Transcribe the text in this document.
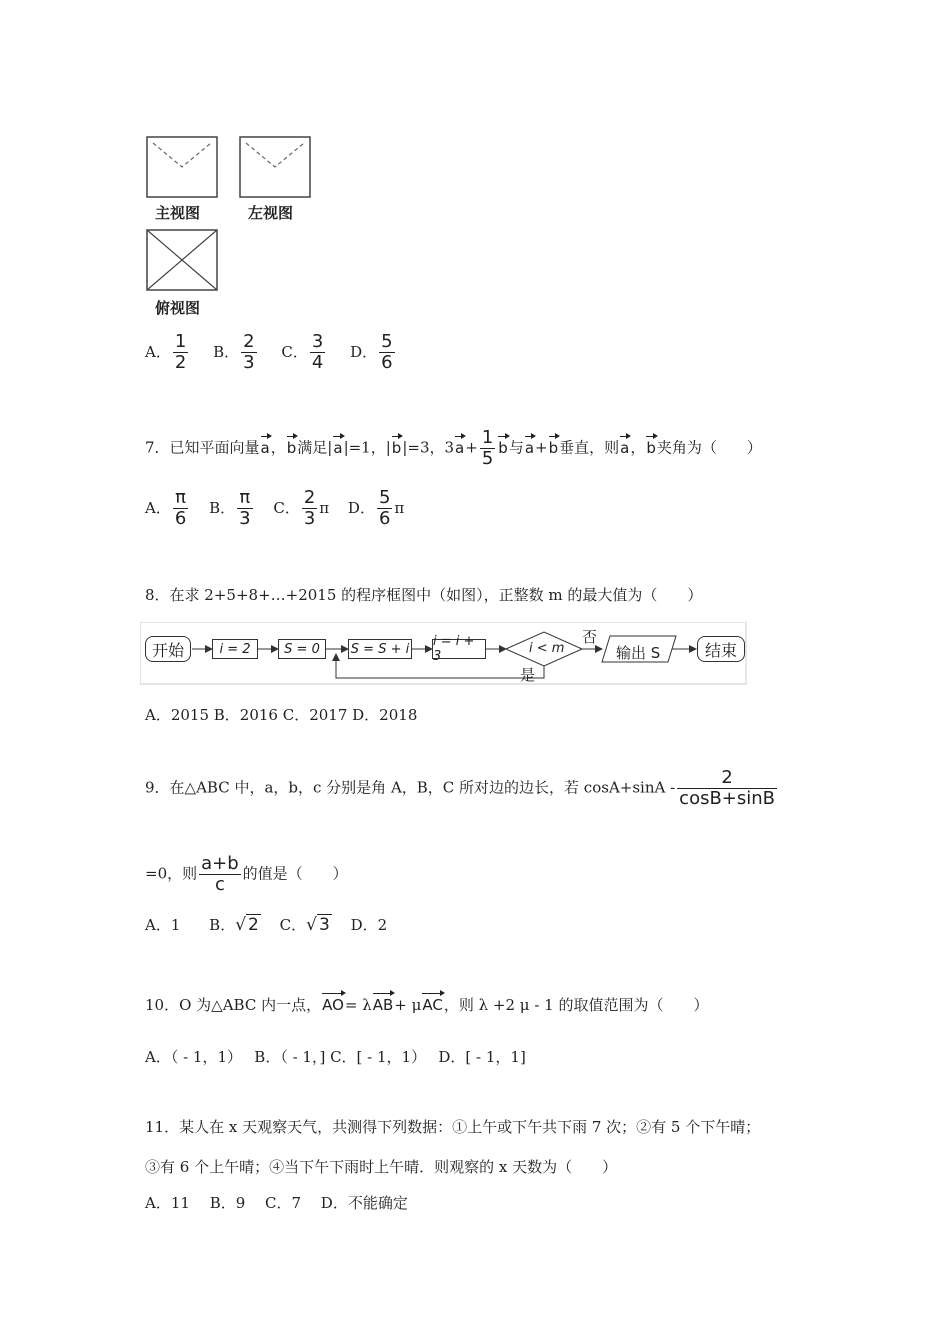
主视图	左视图
俯视图
A． $\frac{1}{2}$ B． $\frac{2}{3}$ C． $\frac{3}{4}$ D． $\frac{5}{6}$
7．已知平面向量a，b满足|a|=1，|b|=3，$3a+ \frac{1}{5}$ b与a+b垂直，则a，b夹角为（　　）
A． $\frac{\pi}{6}$ B． $\frac{\pi}{3}$ C． $\frac{2}{3}$ π D． $\frac{5}{6}$ π
8．在求 2+5+8+…+2015 的程序框图中（如图），正整数 m 的最大值为（　　）
开始	i = 2	S = 0	S = S + i i = i + 3
i < m
否
是
输出 S	结束
A．2015 B．2016 C．2017 D．2018
9．在△ABC 中，a，b，c 分别是角 A，B，C 所对边的边长，若 $\cos A+\sin A - \frac{2}{\cos B+\sin B}$
=0，则 $\frac{a+b}{c}$ 的值是（　　）
A．1 B．√ 2 C．√ 3 D．2
10．O 为△ABC 内一点，AO= λAB+ μAC，则 λ +2 μ - 1 的取值范围为（　　）
A．（ - 1，1）　 B．（ - 1，] C．[ - 1，1）　 D．[ - 1，1]
11．某人在 x 天观察天气，共测得下列数据：①上午或下午共下雨 7 次；②有 5 个下午晴；
③有 6 个上午晴；④当下午下雨时上午晴．则观察的 x 天数为（　　）
A．11　 B．9　 C．7　 D．不能确定
